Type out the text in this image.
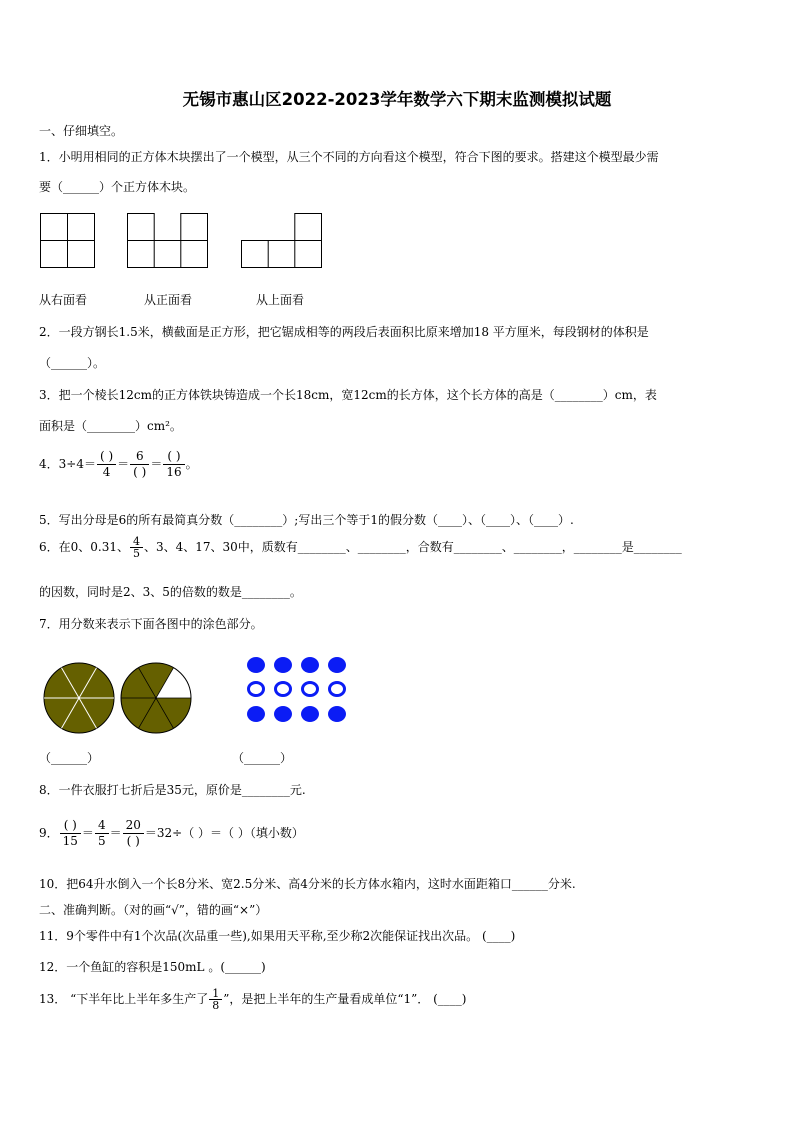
无锡市惠山区2022-2023学年数学六下期末监测模拟试题
一、仔细填空。
1．小明用相同的正方体木块摆出了一个模型，从三个不同的方向看这个模型，符合下图的要求。搭建这个模型最少需
要（______）个正方体木块。
从右面看	从正面看	从上面看
2．一段方钢长1.5米，横截面是正方形，把它锯成相等的两段后表面积比原来增加18 平方厘米，每段钢材的体积是
（______）。
3．把一个棱长12cm的正方体铁块铸造成一个长18cm，宽12cm的长方体，这个长方体的高是（________）cm，表
面积是（________）cm²。
4．$3\div 4= \frac{( )}{4} = \frac{6}{( )} = \frac{( )}{16}$ 。
5．写出分母是6的所有最简真分数（________）;写出三个等于1的假分数（____）、（____）、（____）.
6．在0、0.31、 $\frac{4}{5}$ 、3、4、17、30中，质数有________、________，合数有________、________，________是________
的因数，同时是2、3、5的倍数的数是________。
7．用分数来表示下面各图中的涂色部分。
（______）	（______）
8．一件衣服打七折后是35元，原价是________元.
9． $\frac{( )}{15} = \frac{4}{5} = \frac{20}{( )} =32\div$（ ）＝（ ）（填小数）
10．把64升水倒入一个长8分米、宽2.5分米、高4分米的长方体水箱内，这时水面距箱口______分米.
二、准确判断。（对的画“√”，错的画“×”）
11．9个零件中有1个次品(次品重一些),如果用天平称,至少称2次能保证找出次品。 (____)
12．一个鱼缸的容积是150mL 。(______)
13． “下半年比上半年多生产了 $\frac{1}{8}$ ”，是把上半年的生产量看成单位“1”． (____)
